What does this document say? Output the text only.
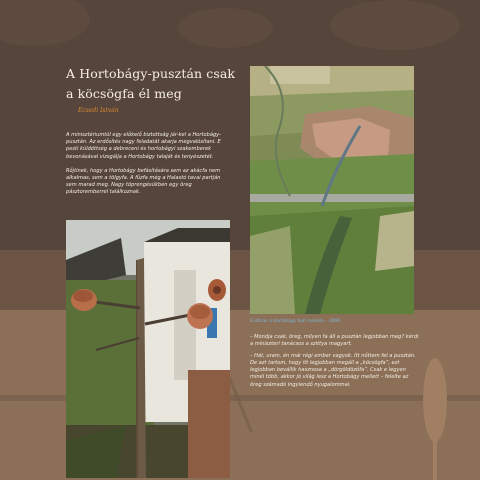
A Hortobágy-pusztán csak
a köcsögfa él meg
Ecsedi István

A minisztériumtól egy előkelő biztottság jár-kel a Hortobágy-pusztán. Az erdősítés nagy feladatát akarja megvalósítani. E pesti küldöttség a debreceni és hortobágyi szakemberek bevonásával vizsgálja a Hortobágy talaját és tenyészetét.

Rőjtinek, hogy a Hortobágy befásítására sem az akácfa nem alkalmas, sem a tölgyfa. A fűzfa még a Halastó tavai partján sem marad meg. Nagy töprengésükben egy öreg pásztoremberrel találkoznak.

Erdősáv a Hortobágy hídi medrén – 2000

– Mondja csak, öreg, milyen fa áll a pusztán legjobban meg? kérdi a miniszteri tanácsos a szittya magyart.

– Hát, uram, én már régi ember vagyok. Itt nőttem fel a pusztán. De azt tartom, hogy itt legjobban megáll a „köcsögfa”, ezt legjobban bevállik hasznosa a „dörgöldözőfa”. Csak e legyen minél több, akkor jó világ lesz a Hortobágy mellett – felelte az öreg számadó ingyiendő nyugalommal.
